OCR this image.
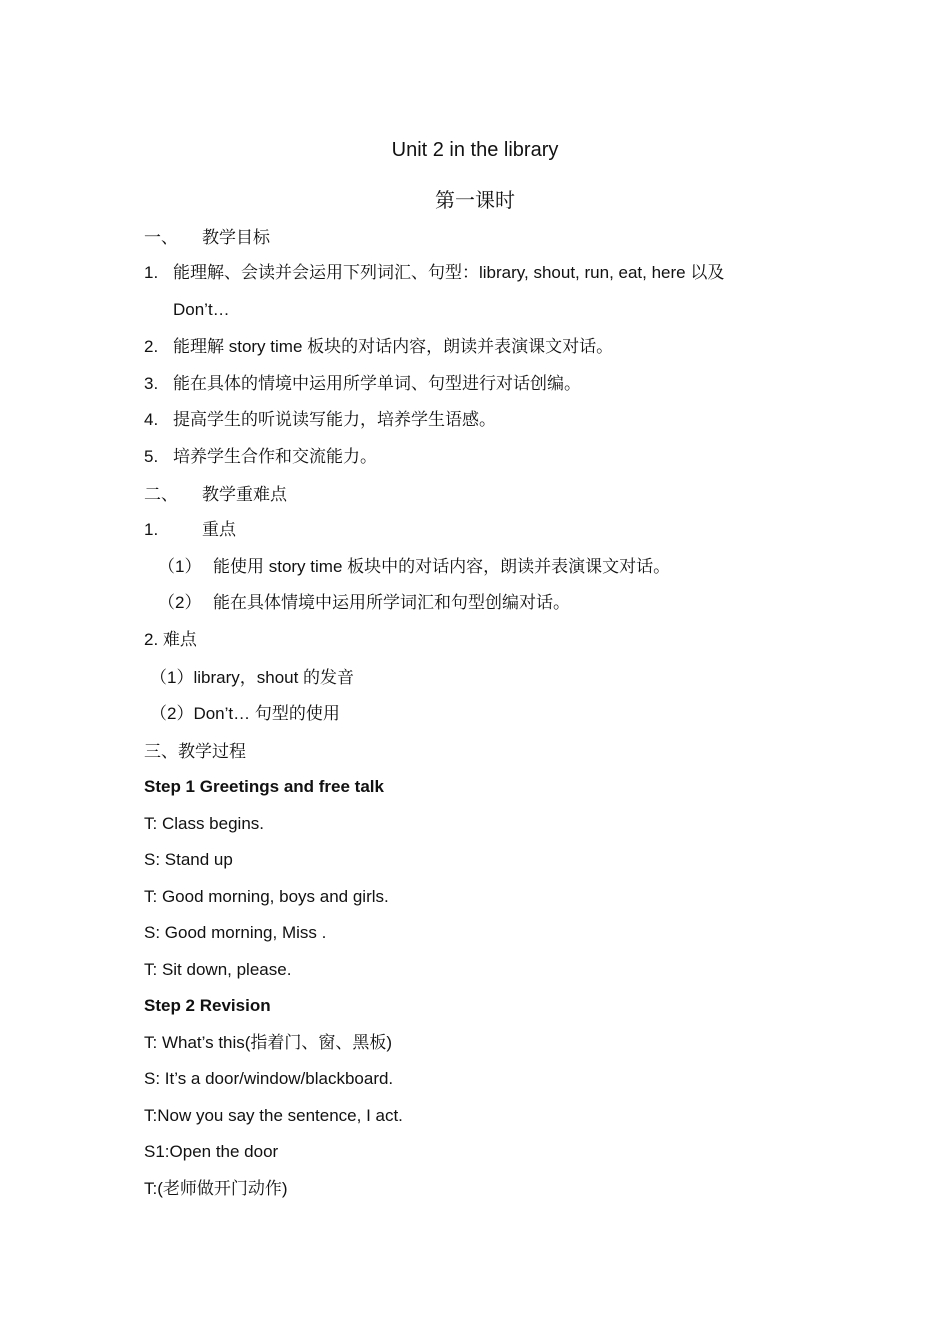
Unit 2 in the library
第一课时
一、 教学目标
1. 能理解、会读并会运用下列词汇、句型：library, shout, run, eat, here 以及
Don’t…
2. 能理解 story time 板块的对话内容，朗读并表演课文对话。
3. 能在具体的情境中运用所学单词、句型进行对话创编。
4. 提高学生的听说读写能力，培养学生语感。
5. 培养学生合作和交流能力。
二、 教学重难点
1.	重点
（1） 能使用 story time 板块中的对话内容，朗读并表演课文对话。
（2） 能在具体情境中运用所学词汇和句型创编对话。
2. 难点
（1）library，shout 的发音
（2）Don’t… 句型的使用
三、教学过程
Step 1 Greetings and free talk
T: Class begins.
S: Stand up
T: Good morning, boys and girls.
S: Good morning, Miss .
T: Sit down, please.
Step 2 Revision
T: What’s this(指着门、窗、黑板)
S: It’s a door/window/blackboard.
T:Now you say the sentence, I act.
S1:Open the door
T:(老师做开门动作)
